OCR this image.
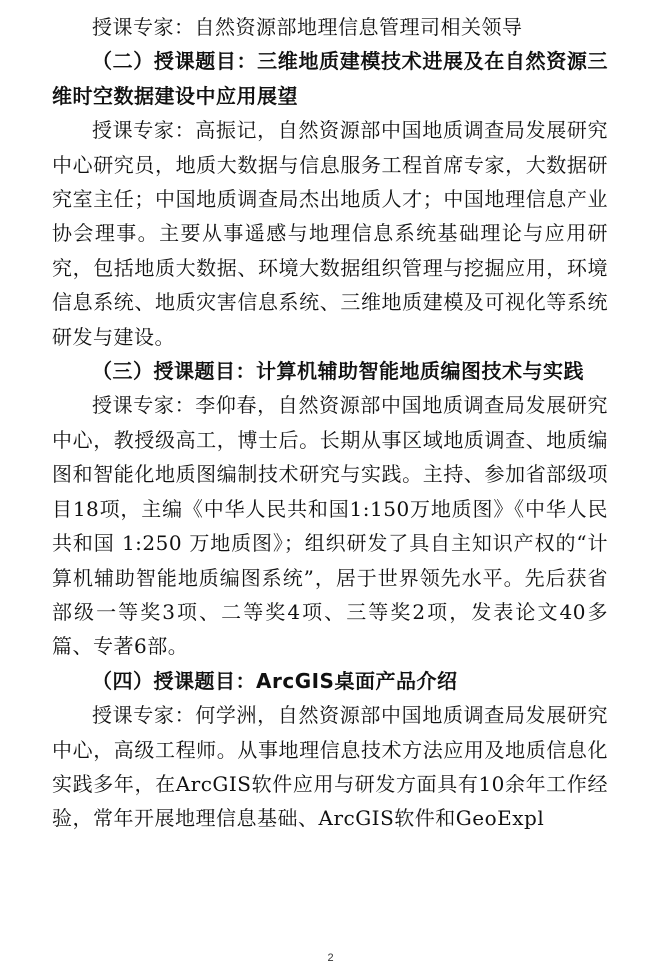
授课专家：自然资源部地理信息管理司相关领导

（二）授课题目：三维地质建模技术进展及在自然资源三维时空数据建设中应用展望

授课专家：高振记，自然资源部中国地质调查局发展研究中心研究员，地质大数据与信息服务工程首席专家，大数据研究室主任；中国地质调查局杰出地质人才；中国地理信息产业协会理事。主要从事遥感与地理信息系统基础理论与应用研究，包括地质大数据、环境大数据组织管理与挖掘应用，环境信息系统、地质灾害信息系统、三维地质建模及可视化等系统研发与建设。

（三）授课题目：计算机辅助智能地质编图技术与实践

授课专家：李仰春，自然资源部中国地质调查局发展研究中心，教授级高工，博士后。长期从事区域地质调查、地质编图和智能化地质图编制技术研究与实践。主持、参加省部级项目18项，主编《中华人民共和国1:150万地质图》《中华人民共和国 1:250 万地质图》；组织研发了具自主知识产权的“计算机辅助智能地质编图系统”，居于世界领先水平。先后获省部级一等奖3项、二等奖4项、三等奖2项，发表论文40多篇、专著6部。

（四）授课题目：ArcGIS桌面产品介绍

授课专家：何学洲，自然资源部中国地质调查局发展研究中心，高级工程师。从事地理信息技术方法应用及地质信息化实践多年，在ArcGIS软件应用与研发方面具有10余年工作经验，常年开展地理信息基础、ArcGIS软件和GeoExpl

2
